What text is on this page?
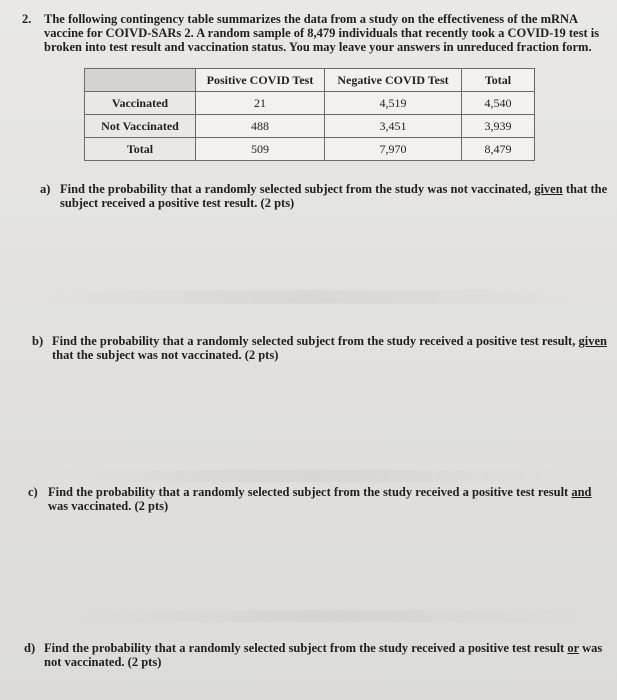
2. The following contingency table summarizes the data from a study on the effectiveness of the mRNA vaccine for COIVD-SARs 2. A random sample of 8,479 individuals that recently took a COVID-19 test is broken into test result and vaccination status. You may leave your answers in unreduced fraction form.
	Positive COVID Test	Negative COVID Test	Total
Vaccinated	21	4,519	4,540
Not Vaccinated	488	3,451	3,939
Total	509	7,970	8,479
a) Find the probability that a randomly selected subject from the study was not vaccinated, given that the subject received a positive test result. (2 pts)
b) Find the probability that a randomly selected subject from the study received a positive test result, given that the subject was not vaccinated. (2 pts)
c) Find the probability that a randomly selected subject from the study received a positive test result and was vaccinated. (2 pts)
d) Find the probability that a randomly selected subject from the study received a positive test result or was not vaccinated. (2 pts)
